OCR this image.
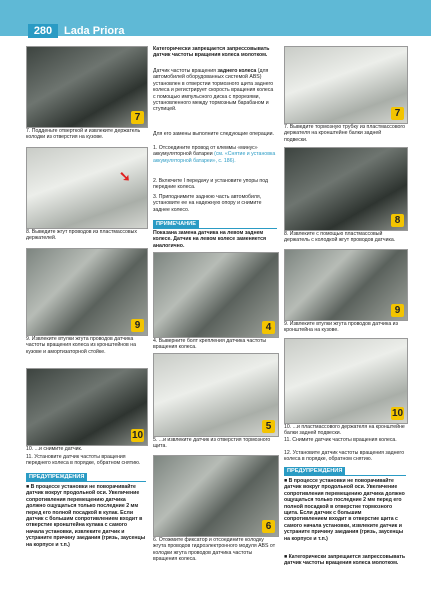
280	Lada Priora
7
7. Подденьте отверткой и извлеките держатель колодки из отверстия на кузове.
➘
8. Выведите жгут проводов из пластмассовых держателей.
9
9. Извлеките втулки жгута проводов датчика частоты вращения колеса из кронштейнов на кузове и амортизаторной стойке.
10
10. ...и снимите датчик.
11. Установите датчик частоты вращения переднего колеса в порядке, обратном снятию.
ПРЕДУПРЕЖДЕНИЯ
■ В процессе установки не поворачивайте датчик вокруг продольной оси. Увеличение сопротивления перемещению датчика должно ощущаться только последние 2 мм перед его полной посадкой в кулак. Если датчик с большим сопротивлением входит в отверстие кронштейна кулака с самого начала установки, извлеките датчик и устраните причину заедания (грязь, заусенцы на корпусе и т.п.)
Категорически запрещается запрессовывать датчик частоты вращения колеса молотком.
Датчик частоты вращения заднего колеса (для автомобилей оборудованных системой ABS) установлен в отверстии тормозного щита заднего колеса и регистрирует скорость вращения колеса с помощью импульсного диска с прорезями, установленного между тормозным барабаном и ступицей.
Для его замены выполните следующие операции.
1. Отсоедините провод от клеммы «минус» аккумуляторной батареи (см. «Снятие и установка аккумуляторной батареи», с. 186).
2. Включите I передачу и установите упоры под передние колеса.
3. Приподнимите заднюю часть автомобиля, установите ее на надежную опору и снимите заднее колесо.
ПРИМЕЧАНИЕ
Показана замена датчика на левом заднем колесе. Датчик на левом колесе заменяется аналогично.
4
4. Выверните болт крепления датчика частоты вращения колеса.
5
5. ...и извлеките датчик из отверстия тормозного щита.
6
6. Отожмите фиксатор и отсоедините колодку жгута проводов гидроэлектронного модуля ABS от колодки жгута проводов датчика частоты вращения колеса.
7
7. Выведите тормозную трубку из пластмассового держателя на кронштейне балки задней подвески.
8
8. Извлеките с помощью пластмассовый держатель с колодкой жгут проводов датчика.
9
9. Извлеките втулки жгута проводов датчика из кронштейна на кузове.
10
10. ...и пластмассового держателя на кронштейне балки задней подвески.
11. Снимите датчик частоты вращения колеса.
12. Установите датчик частоты вращения заднего колеса в порядке, обратном снятию.
ПРЕДУПРЕЖДЕНИЯ
■ В процессе установки не поворачивайте датчик вокруг продольной оси. Увеличение сопротивления перемещению датчика должно ощущаться только последние 2 мм перед его полной посадкой в отверстие тормозного щита. Если датчик с большим сопротивлением входит в отверстие щита с самого начала установки, извлеките датчик и устраните причину заедания (грязь, заусенцы на корпусе и т.п.)
■ Категорически запрещается запрессовывать датчик частоты вращения колеса молотком.
